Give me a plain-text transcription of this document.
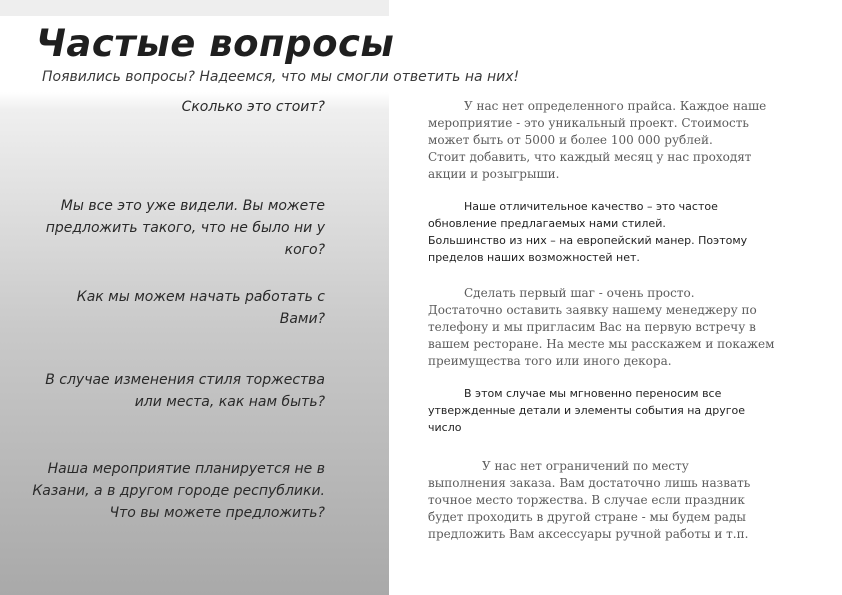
Частые вопросы
Появились вопросы? Надеемся, что мы смогли ответить на них!
Сколько это стоит?	У нас нет определенного прайса. Каждое наше
мероприятие - это уникальный проект. Стоимость
может быть от 5000 и более 100 000 рублей.
Стоит добавить, что каждый месяц у нас проходят
акции и розыгрыши.
Мы все это уже видели. Вы можете предложить такого, что не было ни у кого?
Наше отличительное качество – это частое
обновление предлагаемых нами стилей.
Большинство из них – на европейский манер. Поэтому
пределов наших возможностей нет.
Как мы можем начать работать с Вами?
Сделать первый шаг - очень просто.
Достаточно оставить заявку нашему менеджеру по
телефону и мы пригласим Вас на первую встречу в
вашем ресторане. На месте мы расскажем и покажем
преимущества того или иного декора.
В случае изменения стиля торжества или места, как нам быть?
В этом случае мы мгновенно переносим все
утвержденные детали и элементы события на другое
число
Наша мероприятие планируется не в Казани, а в другом городе республики. Что вы можете предложить?
У нас нет ограничений по месту
выполнения заказа. Вам достаточно лишь назвать
точное место торжества. В случае если праздник
будет проходить в другой стране - мы будем рады
предложить Вам аксессуары ручной работы и т.п.
